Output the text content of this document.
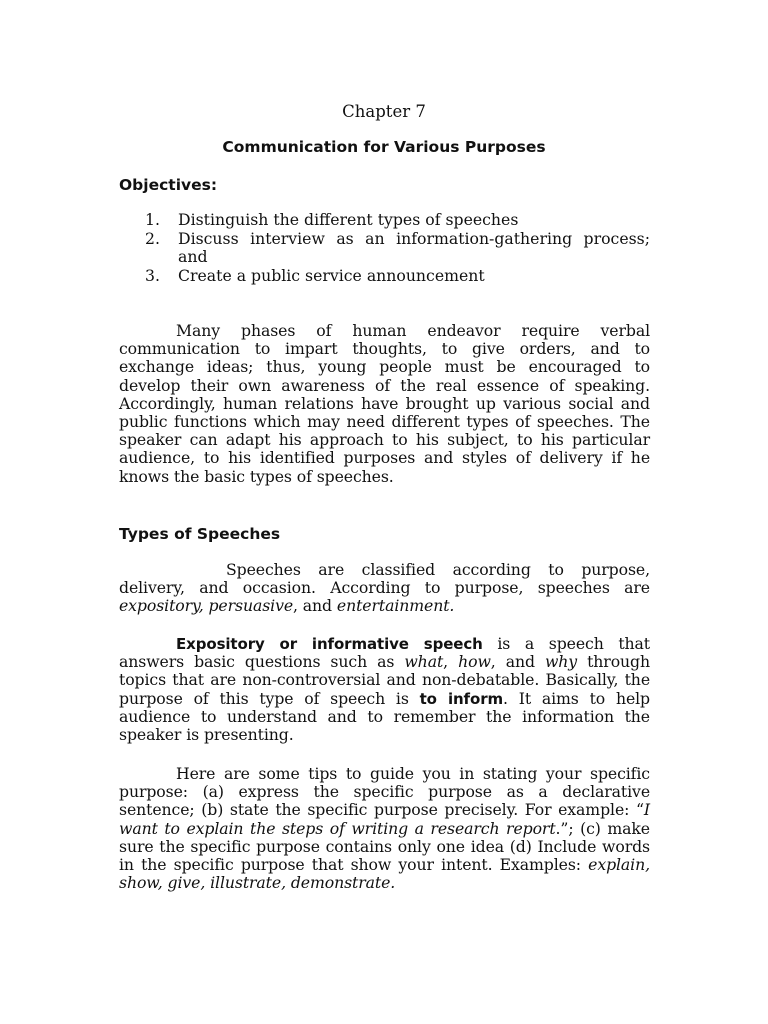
Chapter 7
Communication for Various Purposes
Objectives:
1. Distinguish the different types of speeches
2. Discuss interview as an information-gathering process; and
3. Create a public service announcement

Many phases of human endeavor require verbal communication to impart thoughts, to give orders, and to exchange ideas; thus, young people must be encouraged to develop their own awareness of the real essence of speaking. Accordingly, human relations have brought up various social and public functions which may need different types of speeches. The speaker can adapt his approach to his subject, to his particular audience, to his identified purposes and styles of delivery if he knows the basic types of speeches.

Types of Speeches

Speeches are classified according to purpose, delivery, and occasion. According to purpose, speeches are expository, persuasive, and entertainment.

Expository or informative speech is a speech that answers basic questions such as what, how, and why through topics that are non-controversial and non-debatable. Basically, the purpose of this type of speech is to inform. It aims to help audience to understand and to remember the information the speaker is presenting.

Here are some tips to guide you in stating your specific purpose: (a) express the specific purpose as a declarative sentence; (b) state the specific purpose precisely. For example: “I want to explain the steps of writing a research report.”; (c) make sure the specific purpose contains only one idea (d) Include words in the specific purpose that show your intent. Examples: explain, show, give, illustrate, demonstrate.
